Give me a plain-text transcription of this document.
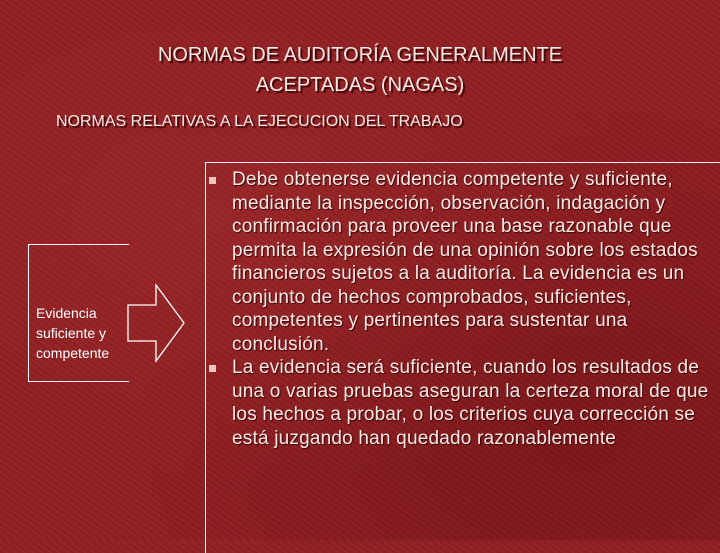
NORMAS DE AUDITORÍA GENERALMENTE
ACEPTADAS (NAGAS)
NORMAS RELATIVAS A LA EJECUCION DEL TRABAJO
Evidencia
suficiente y
competente
Debe obtenerse evidencia competente y suficiente, mediante la inspección, observación, indagación y confirmación para proveer una base razonable que permita la expresión de una opinión sobre los estados financieros sujetos a la auditoría. La evidencia es un conjunto de hechos comprobados, suficientes, competentes y pertinentes para sustentar una conclusión.
La evidencia será suficiente, cuando los resultados de una o varias pruebas aseguran la certeza moral de que los hechos a probar, o los criterios cuya corrección se está juzgando han quedado razonablemente
